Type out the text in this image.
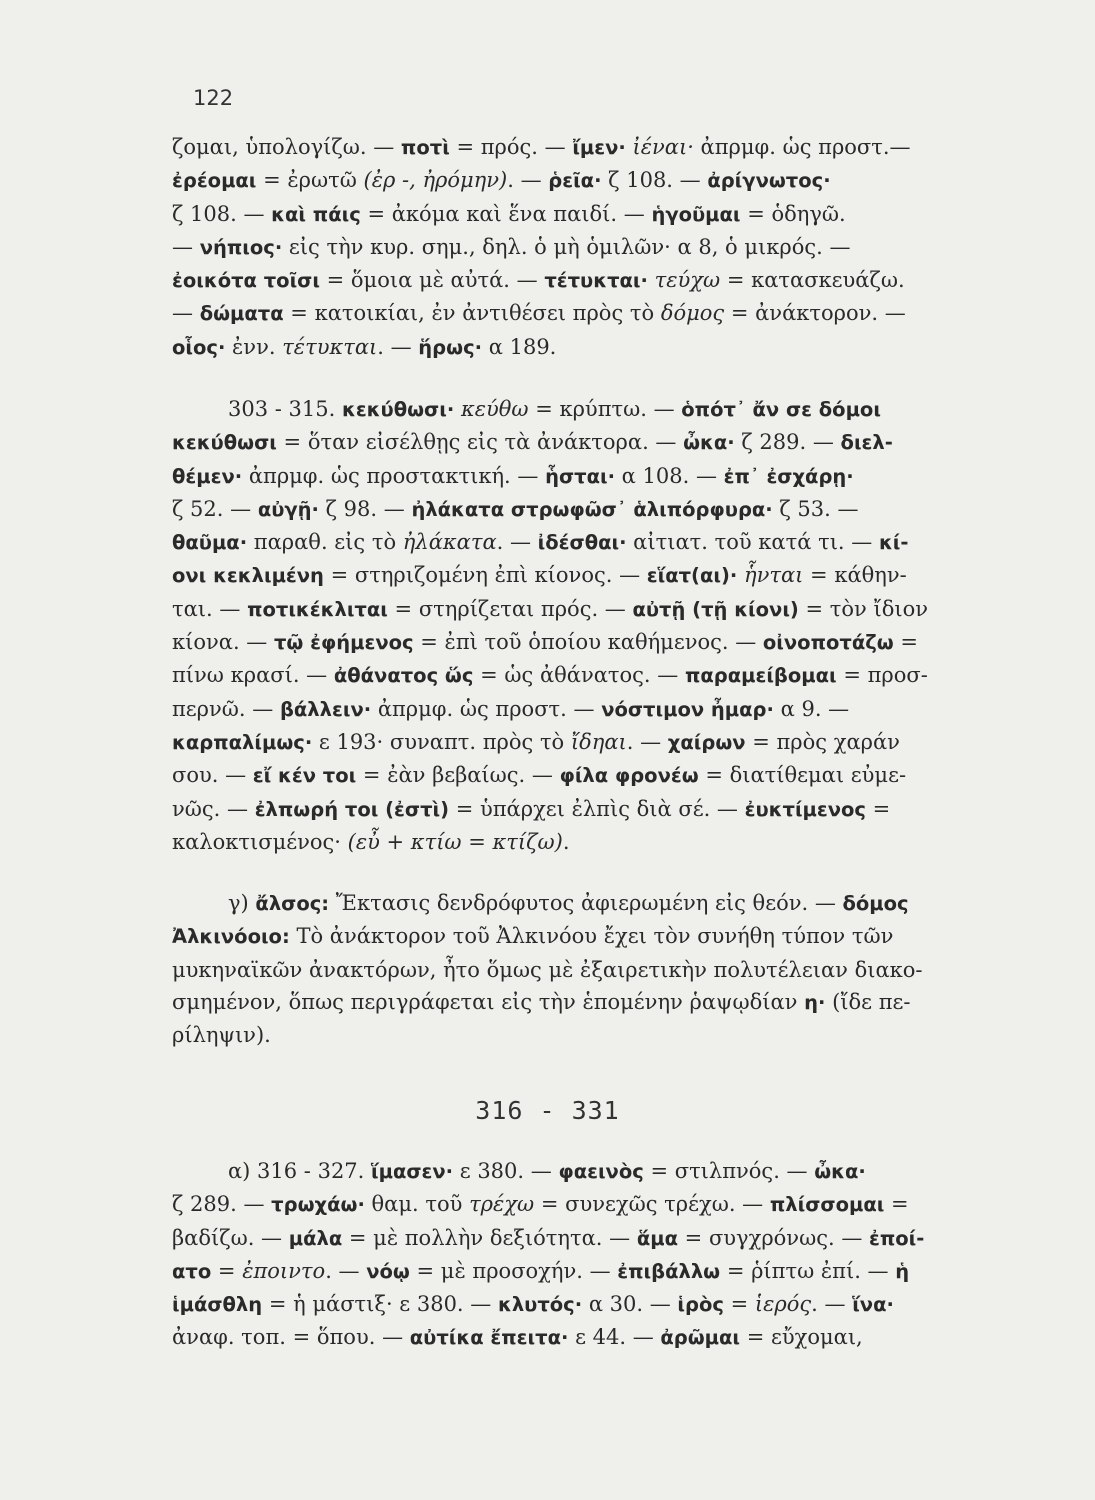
122
ζομαι, ὑπολογίζω. — ποτὶ = πρός. — ἴμεν· ἰέναι· ἀπρμφ. ὡς προστ.—
ἐρέομαι = ἐρωτῶ (ἐρ -, ἠρόμην). — ῥεῖα· ζ 108. — ἀρίγνωτος·
ζ 108. — καὶ πάις = ἀκόμα καὶ ἕνα παιδί. — ἡγοῦμαι = ὁδηγῶ.
— νήπιος· εἰς τὴν κυρ. σημ., δηλ. ὁ μὴ ὁμιλῶν· α 8, ὁ μικρός. —
ἐοικότα τοῖσι = ὅμοια μὲ αὐτά. — τέτυκται· τεύχω = κατασκευάζω.
— δώματα = κατοικίαι, ἐν ἀντιθέσει πρὸς τὸ δόμος = ἀνάκτορον. —
οἷος· ἐνν. τέτυκται. — ἥρως· α 189.
303 - 315. κεκύθωσι· κεύθω = κρύπτω. — ὁπότ᾿ ἄν σε δόμοι
κεκύθωσι = ὅταν εἰσέλθῃς εἰς τὰ ἀνάκτορα. — ὦκα· ζ 289. — διελ-
θέμεν· ἀπρμφ. ὡς προστακτική. — ἧσται· α 108. — ἐπ᾿ ἐσχάρῃ·
ζ 52. — αὐγῇ· ζ 98. — ἠλάκατα στρωφῶσ᾿ ἁλιπόρφυρα· ζ 53. —
θαῦμα· παραθ. εἰς τὸ ἠλάκατα. — ἰδέσθαι· αἰτιατ. τοῦ κατά τι. — κί-
ονι κεκλιμένη = στηριζομένη ἐπὶ κίονος. — εἵατ(αι)· ἧνται = κάθην-
ται. — ποτικέκλιται = στηρίζεται πρός. — αὐτῇ (τῇ κίονι) = τὸν ἴδιον
κίονα. — τῷ ἐφήμενος = ἐπὶ τοῦ ὁποίου καθήμενος. — οἰνοποτάζω =
πίνω κρασί. — ἀθάνατος ὥς = ὡς ἀθάνατος. — παραμείβομαι = προσ-
περνῶ. — βάλλειν· ἀπρμφ. ὡς προστ. — νόστιμον ἦμαρ· α 9. —
καρπαλίμως· ε 193· συναπτ. πρὸς τὸ ἴδηαι. — χαίρων = πρὸς χαράν
σου. — εἴ κέν τοι = ἐὰν βεβαίως. — φίλα φρονέω = διατίθεμαι εὐμε-
νῶς. — ἐλπωρή τοι (ἐστὶ) = ὑπάρχει ἐλπὶς διὰ σέ. — ἐυκτίμενος =
καλοκτισμένος· (εὖ + κτίω = κτίζω).
γ) ἄλσος: Ἔκτασις δενδρόφυτος ἀφιερωμένη εἰς θεόν. — δόμος
Ἀλκινόοιο: Τὸ ἀνάκτορον τοῦ Ἀλκινόου ἔχει τὸν συνήθη τύπον τῶν
μυκηναϊκῶν ἀνακτόρων, ἦτο ὅμως μὲ ἐξαιρετικὴν πολυτέλειαν διακο-
σμημένον, ὅπως περιγράφεται εἰς τὴν ἑπομένην ῥαψῳδίαν η· (ἴδε πε-
ρίληψιν).
316 - 331
α) 316 - 327. ἵμασεν· ε 380. — φαεινὸς = στιλπνός. — ὦκα·
ζ 289. — τρωχάω· θαμ. τοῦ τρέχω = συνεχῶς τρέχω. — πλίσσομαι =
βαδίζω. — μάλα = μὲ πολλὴν δεξιότητα. — ἅμα = συγχρόνως. — ἐποί-
ατο = ἐποιντο. — νόῳ = μὲ προσοχήν. — ἐπιβάλλω = ῥίπτω ἐπί. — ἡ
ἱμάσθλη = ἡ μάστιξ· ε 380. — κλυτός· α 30. — ἱρὸς = ἱερός. — ἵνα·
ἀναφ. τοπ. = ὅπου. — αὐτίκα ἔπειτα· ε 44. — ἀρῶμαι = εὔχομαι,
